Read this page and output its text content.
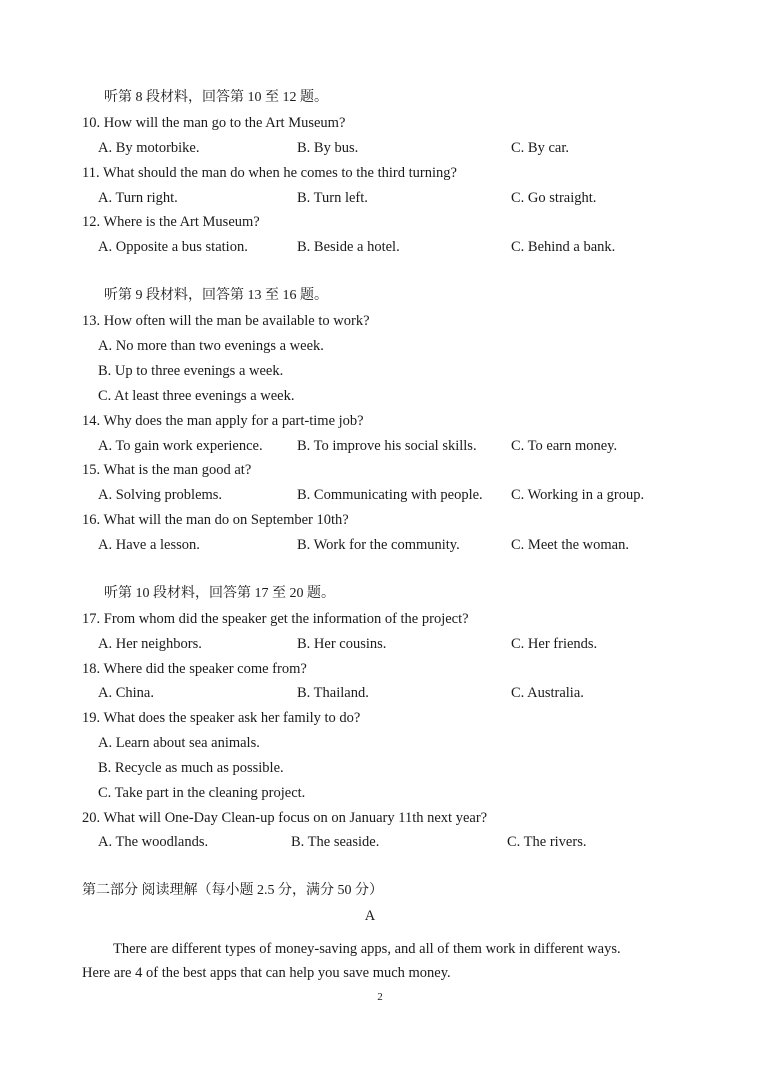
听第 8 段材料，回答第 10 至 12 题。
10. How will the man go to the Art Museum?
A. By motorbike.	B. By bus.	C. By car.
11. What should the man do when he comes to the third turning?
A. Turn right.	B. Turn left.	C. Go straight.
12. Where is the Art Museum?
A. Opposite a bus station.	B. Beside a hotel.	C. Behind a bank.
听第 9 段材料，回答第 13 至 16 题。
13. How often will the man be available to work?
A. No more than two evenings a week.
B. Up to three evenings a week.
C. At least three evenings a week.
14. Why does the man apply for a part-time job?
A. To gain work experience. B. To improve his social skills. C. To earn money.
15. What is the man good at?
A. Solving problems.	B. Communicating with people. C. Working in a group.
16. What will the man do on September 10th?
A. Have a lesson.	B. Work for the community.	C. Meet the woman.
听第 10 段材料，回答第 17 至 20 题。
17. From whom did the speaker get the information of the project?
A. Her neighbors.	B. Her cousins.	C. Her friends.
18. Where did the speaker come from?
A. China.	B. Thailand.	C. Australia.
19. What does the speaker ask her family to do?
A. Learn about sea animals.
B. Recycle as much as possible.
C. Take part in the cleaning project.
20. What will One-Day Clean-up focus on on January 11th next year?
A. The woodlands.	B. The seaside.	C. The rivers.
第二部分 阅读理解（每小题 2.5 分，满分 50 分）
A
There are different types of money-saving apps, and all of them work in different ways.
Here are 4 of the best apps that can help you save much money.
2
